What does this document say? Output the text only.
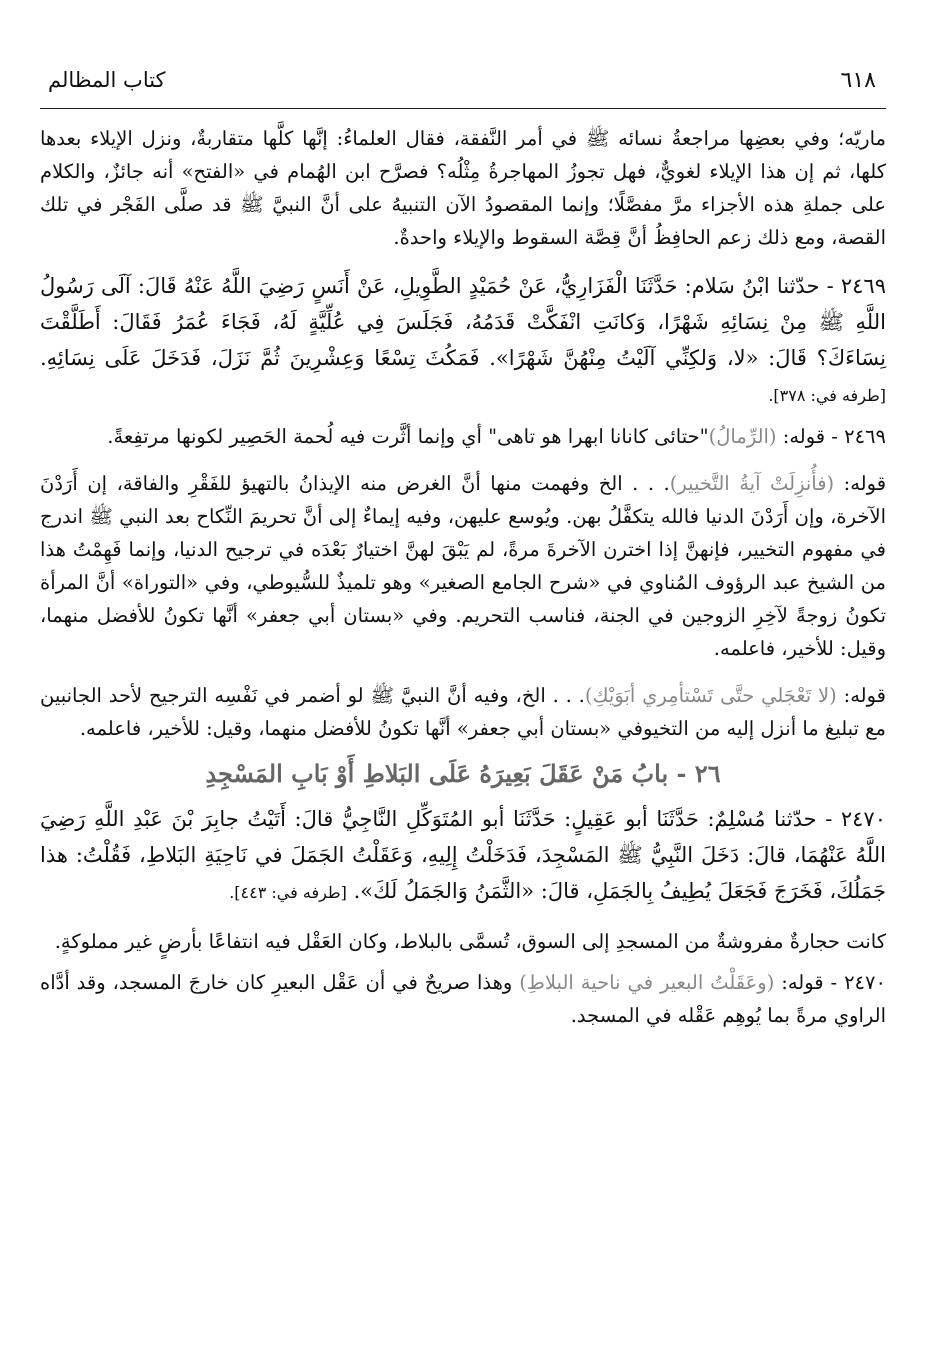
٦١٨
كتاب المظالم

ماريّه؛ وفي بعضِها مراجعةُ نسائه ﷺ في أمر النَّفقة، فقال العلماءُ: إنَّها كلَّها متقاربةٌ، ونزل الإيلاء بعدها كلها، ثم إن هذا الإيلاء لغويٌّ، فهل تجوزُ المهاجرةُ مِثْلُه؟ فصرَّح ابن الهُمام في «الفتح» أنه جائزٌ، والكلام على جملةِ هذه الأجزاء مرَّ مفصَّلًا؛ وإنما المقصودُ الآن التنبيهُ على أنَّ النبيَّ ﷺ قد صلَّى الفَجْر في تلك القصة، ومع ذلك زعم الحافِظُ أنَّ قِصَّة السقوط والإيلاء واحدةٌ.

٢٤٦٩ - حدّثنا ابْنُ سَلام: حَدَّثَنَا الْفَزَارِيُّ، عَنْ حُمَيْدٍ الطَّوِيلِ، عَنْ أَنَسٍ رَضِيَ اللَّهُ عَنْهُ قَالَ: آلَى رَسُولُ اللَّهِ ﷺ مِنْ نِسَائِهِ شَهْرًا، وَكانَتِ انْفَكَّتْ قَدَمُهُ، فَجَلَسَ فِي عُلِّيَّةٍ لَهُ، فَجَاءَ عُمَرُ فَقَالَ: أَطَلَّقْتَ نِسَاءَكَ؟ قَالَ: «لا، وَلكِنِّي آلَيْتُ مِنْهُنَّ شَهْرًا». فَمَكُثَ تِسْعًا وَعِشْرِينَ ثُمَّ نَزَلَ، فَدَخَلَ عَلَى نِسَائِهِ. [طرفه في: ٣٧٨].

٢٤٦٩ - قوله: (الرِّمالُ)"حتائى كانانا ابهرا هو تاهى" أي وإنما أثَّرت فيه لُحمة الحَصِير لكونها مرتفِعةً.

قوله: (فأُنزِلَتْ آيةُ التَّخيير). . . الخ وفهمت منها أنَّ الغرض منه الإيذانُ بالتهيؤ للفَقْرِ والفاقة، إن أَرَدْنَ الآخرة، وإن أَرَدْنَ الدنيا فالله يتكفَّلُ بهن. ويُوسع عليهن، وفيه إيماءٌ إلى أنَّ تحريمَ النِّكاح بعد النبي ﷺ اندرج في مفهوم التخيير، فإنهنَّ إذا اخترن الآخرةَ مرةً، لم يَبْقَ لهنَّ اختيارٌ بَعْدَه في ترجيح الدنيا، وإنما فَهِمْتُ هذا من الشيخ عبد الرؤوف المُناوي في «شرح الجامع الصغير» وهو تلميذٌ للسُّيوطي، وفي «التوراة» أنَّ المرأة تكونُ زوجةً لآخِرِ الزوجين في الجنة، فناسب التحريم. وفي «بستان أبي جعفر» أنَّها تكونُ للأفضل منهما، وقيل: للأخير، فاعلمه.

قوله: (لا تَعْجَلي حتَّى تَسْتأمِري أبَوَيْكِ). . . الخ، وفيه أنَّ النبيَّ ﷺ لو أضمر في نَفْسِه الترجيح لأحد الجانبين مع تبليغ ما أنزل إليه من التخيوفي «بستان أبي جعفر» أنَّها تكونُ للأفضل منهما، وقيل: للأخير، فاعلمه.

٢٦ - بابُ مَنْ عَقَلَ بَعِيرَهُ عَلَى البَلاطِ أَوْ بَابِ المَسْجِدِ

٢٤٧٠ - حدّثنا مُسْلِمٌ: حَدَّثَنَا أبو عَقِيلٍ: حَدَّثَنَا أبو المُتَوَكِّلِ النَّاجِيُّ قالَ: أَتَيْتُ جابِرَ بْنَ عَبْدِ اللَّهِ رَضِيَ اللَّهُ عَنْهُمَا، قالَ: دَخَلَ النَّبِيُّ ﷺ المَسْجِدَ، فَدَخَلْتُ إِلِيهِ، وَعَقَلْتُ الجَمَلَ في نَاحِيَةِ البَلاطِ، فَقُلْتُ: هذا جَمَلُكَ، فَخَرَجَ فَجَعَلَ يُطِيفُ بِالجَمَلِ، قالَ: «الثَّمَنُ وَالجَمَلُ لَكَ». [طرفه في: ٤٤٣].

كانت حجارةٌ مفروشةٌ من المسجدِ إلى السوق، تُسمَّى بالبلاط، وكان العَقْل فيه انتفاعًا بأرضٍ غير مملوكةٍ.

٢٤٧٠ - قوله: (وعَقَلْتُ البعير في ناحية البلاطِ) وهذا صريحٌ في أن عَقْل البعيرِ كان خارجَ المسجد، وقد أدَّاه الراوي مرةً بما يُوهِم عَقْله في المسجد.
